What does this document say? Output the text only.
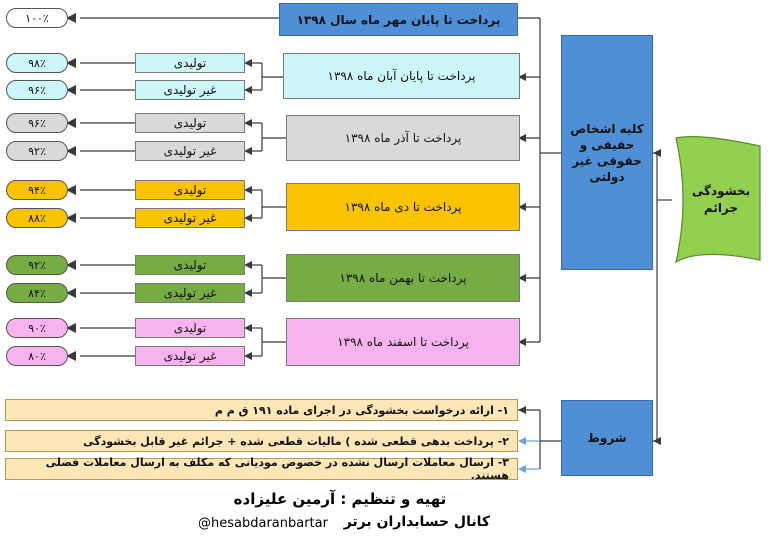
بخشودگی جرائم
کلیه اشخاص حقیقی و حقوقی غیر دولتی
شروط
پرداخت تا پایان مهر ماه سال ۱۳۹۸
۱۰۰٪
پرداخت تا پایان آبان ماه ۱۳۹۸
تولیدی
غیر تولیدی
۹۸٪
۹۶٪
پرداخت تا آذر ماه ۱۳۹۸
تولیدی
غیر تولیدی
۹۶٪
۹۲٪
پرداخت تا دی ماه ۱۳۹۸
تولیدی
غیر تولیدی
۹۴٪
۸۸٪
پرداخت تا بهمن ماه ۱۳۹۸
تولیدی
غیر تولیدی
۹۲٪
۸۴٪
پرداخت تا اسفند ماه ۱۳۹۸
تولیدی
غیر تولیدی
۹۰٪
۸۰٪
۱- ارائه درخواست بخشودگی در اجرای ماده ۱۹۱ ق م م
۲- پرداخت بدهی قطعی شده ) مالیات قطعی شده + جرائم غیر قابل بخشودگی
۳- ارسال معاملات ارسال نشده در خصوص مودیانی که مکلف به ارسال معاملات فصلی هستند.
تهیه و تنظیم : آرمین علیزاده
کانال حسابداران برتر
@hesabdaranbartar
